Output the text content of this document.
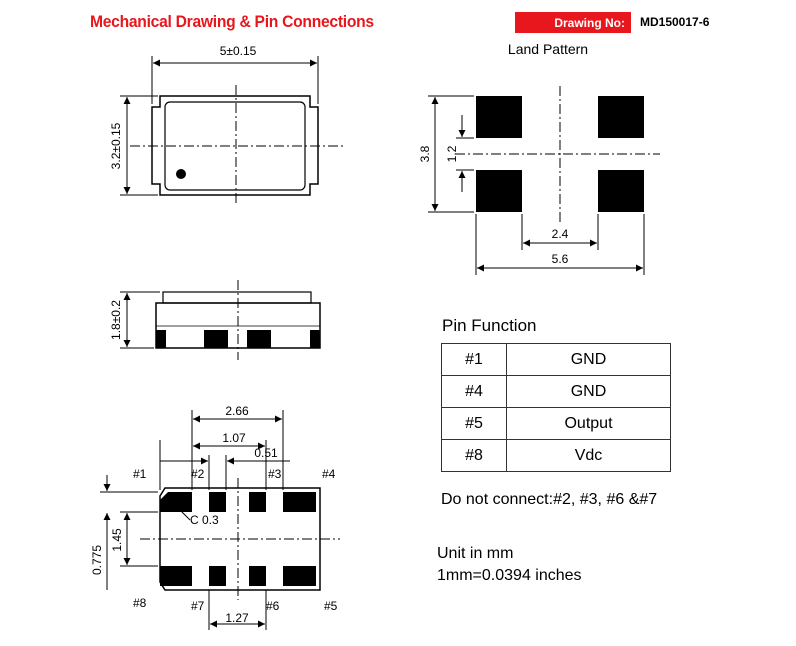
Mechanical Drawing & Pin Connections	Drawing No:	MD150017-6
5±0.15
3.2±0.15
1.8±0.2
2.66
1.07
0.51
1.45
0.775
1.27
C 0.3
#1	#2	#3	#4
#8	#7	#6	#5
Land Pattern
3.8 1.2
2.4
5.6
Pin Function
#1	GND
#4	GND
#5	Output
#8	Vdc
Do not connect:#2, #3, #6 &#7
Unit in mm
1mm=0.0394 inches
